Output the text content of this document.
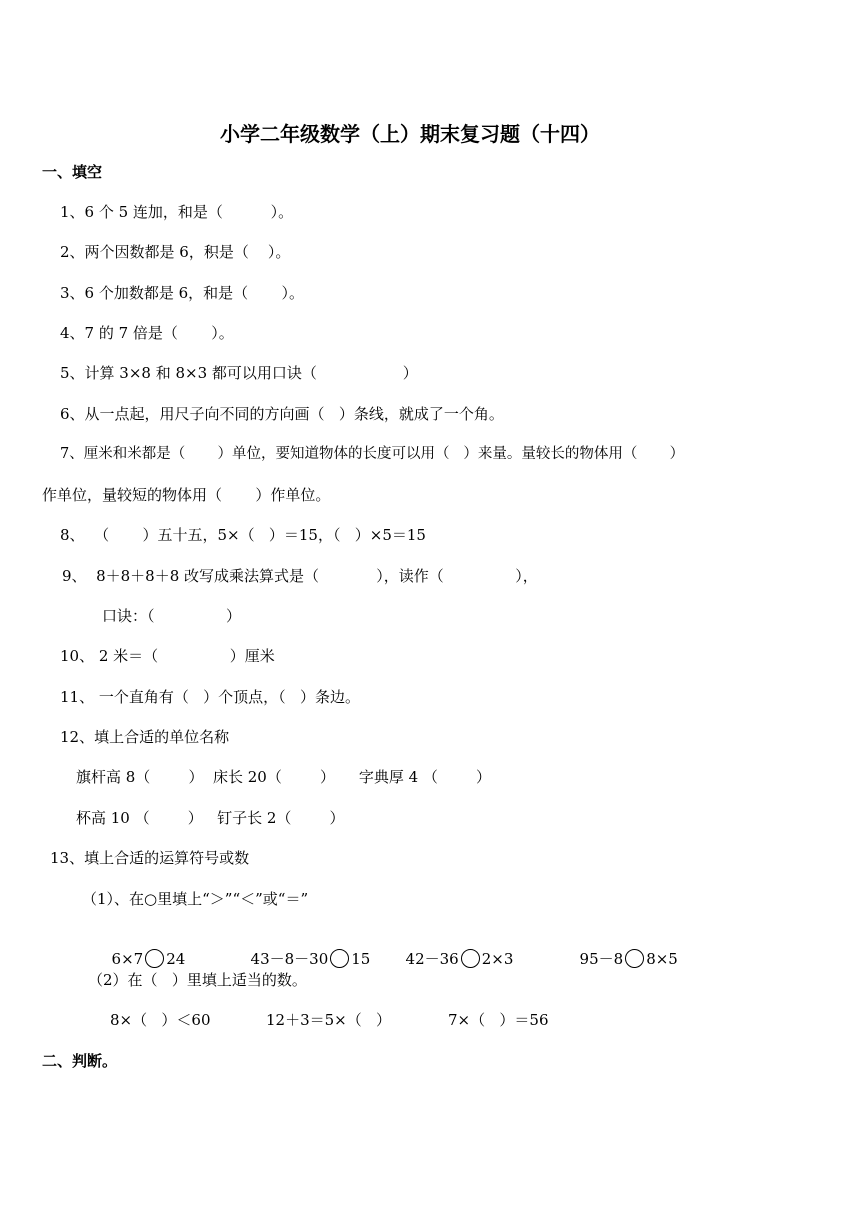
小学二年级数学（上）期末复习题（十四）
一、填空
1、6 个 5 连加，和是（          ）。
2、两个因数都是 6，积是（    ）。
3、6 个加数都是 6，和是（       ）。
4、7 的 7 倍是（       ）。
5、计算 3×8 和 8×3 都可以用口诀（                  ）
6、从一点起，用尺子向不同的方向画（   ）条线，就成了一个角。
7、厘米和米都是（       ）单位，要知道物体的长度可以用（   ）来量。量较长的物体用（       ）
作单位，量较短的物体用（       ）作单位。
8、  （       ）五十五，5×（   ）＝15，（   ）×5＝15
9、  8＋8＋8＋8 改写成乘法算式是（            ），读作（               ），
口诀：（               ）
10、 2 米＝（               ）厘米
11、 一个直角有（   ）个顶点，（   ）条边。
12、填上合适的单位名称
旗杆高 8（        ）  床长 20（        ）     字典厚 4 （        ）
杯高 10 （        ）   钉子长 2（        ）
13、填上合适的运算符号或数
（1）、在○里填上“＞”“＜”或“＝”

6×7 24	43－8－30 15	42－36 2×3	95－8 8×5

（2）在（   ）里填上适当的数。
8×（   ）＜60	12＋3＝5×（   ）	7×（   ）＝56
二、判断。
